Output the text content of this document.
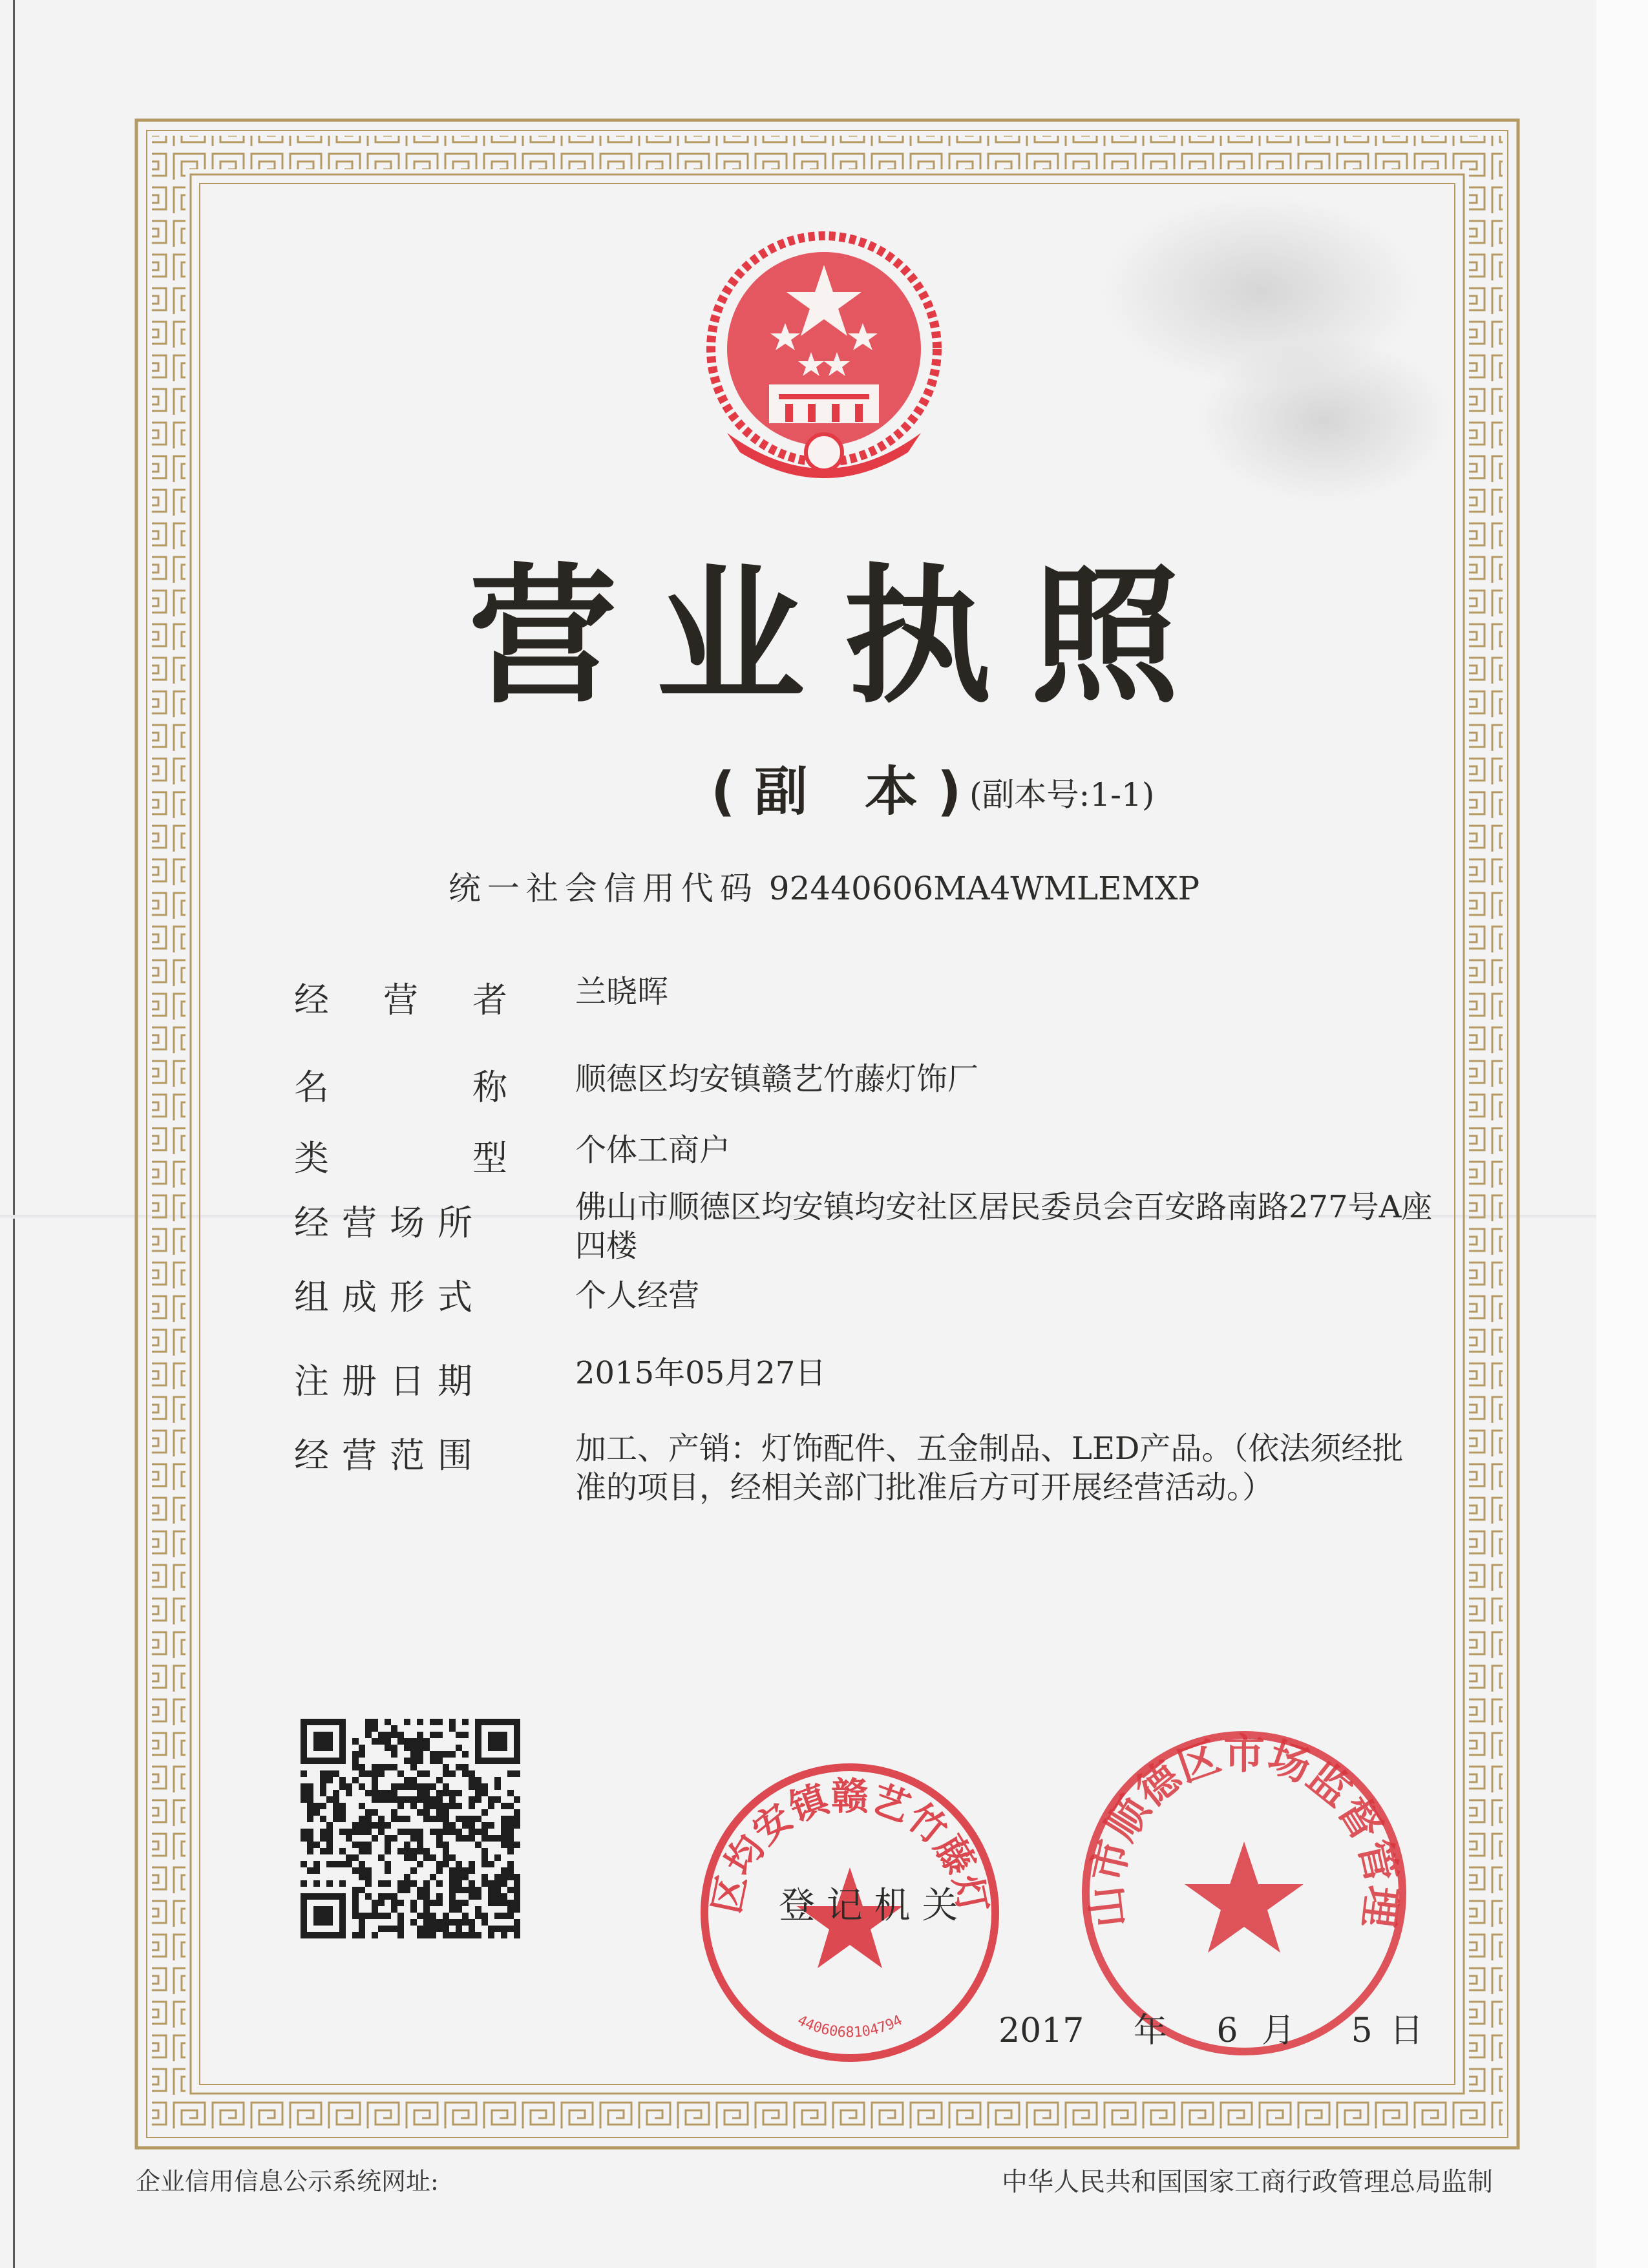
营业执照
(副 本)
(副本号:1-1)
统一社会信用代码 92440606MA4WMLEMXP
经 营 者 兰晓晖
名	称 顺德区均安镇赣艺竹藤灯饰厂
类	型 个体工商户
经营场所	佛山市顺德区均安镇均安社区居民委员会百安路南路277号A座四楼
组成形式	个人经营
注册日期	2015年05月27日
经营范围	加工、产销：灯饰配件、五金制品、LED产品。（依法须经批准的项目，经相关部门批准后方可开展经营活动。）
区均安镇赣艺竹藤灯
4406068104794
登 记 机 关	山市顺德区市场监督管理
2017 年 6 月 5 日
企业信用信息公示系统网址:	中华人民共和国国家工商行政管理总局监制
